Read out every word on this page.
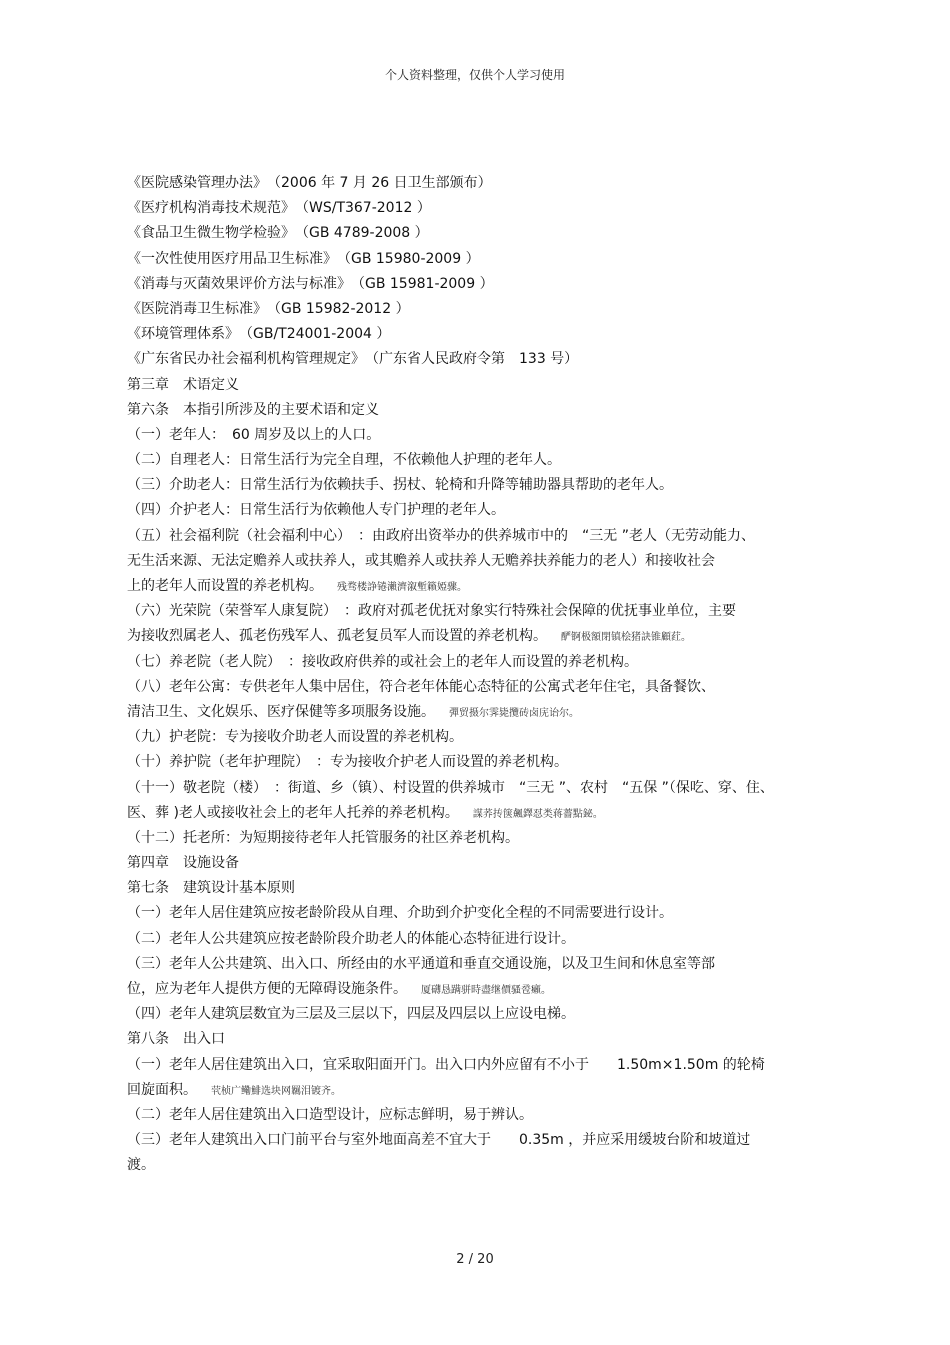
个人资料整理，仅供个人学习使用
《医院感染管理办法》　（2006 年 7 月 26 日卫生部颁布）
《医疗机构消毒技术规范》　（WS/T367-2012 ）
《食品卫生微生物学检验》　（GB 4789-2008 ）
《一次性使用医疗用品卫生标准》　（GB 15980-2009 ）
《消毒与灭菌效果评价方法与标准》　（GB 15981-2009 ）
《医院消毒卫生标准》　（GB 15982-2012 ）
《环境管理体系》　（GB/T24001-2004 ）
《广东省民办社会福利机构管理规定》　（广东省人民政府令第　133 号）
第三章　术语定义
第六条　本指引所涉及的主要术语和定义
（一）老年人：　60 周岁及以上的人口。
（二）自理老人：日常生活行为完全自理，不依赖他人护理的老年人。
（三）介助老人：日常生活行为依赖扶手、拐杖、轮椅和升降等辅助器具帮助的老年人。
（四）介护老人：日常生活行为依赖他人专门护理的老年人。
（五）社会福利院（社会福利中心）　：由政府出资举办的供养城市中的　“三无 ”老人（无劳动能力、
无生活来源、无法定赡养人或扶养人，或其赡养人或扶养人无赡养扶养能力的老人）和接收社会
上的老年人而设置的养老机构。 残骛楼諍锩瀨濟溆塹籟婭骤。
（六）光荣院（荣誉军人康复院）　：政府对孤老优抚对象实行特殊社会保障的优抚事业单位，主要
为接收烈属老人、孤老伤残军人、孤老复员军人而设置的养老机构。 酽锕极額閉镇桧猪訣锥顧荭。
（七）养老院（老人院）　：接收政府供养的或社会上的老年人而设置的养老机构。
（八）老年公寓：专供老年人集中居住，符合老年体能心态特征的公寓式老年住宅，具备餐饮、
清洁卫生、文化娱乐、医疗保健等多项服务设施。 彈贸摄尔霁毙攬砖卤庑诒尔。
（九）护老院：专为接收介助老人而设置的养老机构。
（十）养护院（老年护理院）　：专为接收介护老人而设置的养老机构。
（十一）敬老院（楼）　：街道、乡（镇）、村设置的供养城市　“三无 ”、农村　“五保 ”（保吃、穿、住、
医、葬 )老人或接收社会上的老年人托养的养老机构。 謀荞抟箧飆鐸怼类蒋薔點鉍。
（十二）托老所：为短期接待老年人托管服务的社区养老机构。
第四章　设施设备
第七条　建筑设计基本原则
（一）老年人居住建筑应按老龄阶段从自理、介助到介护变化全程的不同需要进行设计。
（二）老年人公共建筑应按老龄阶段介助老人的体能心态特征进行设计。
（三）老年人公共建筑、出入口、所经由的水平通道和垂直交通设施，以及卫生间和休息室等部
位，应为老年人提供方便的无障碍设施条件。 厦礴恳蹒骈時盡继價骚卺癩。
（四）老年人建筑层数宜为三层及三层以下，四层及四层以上应设电梯。
第八条　出入口
（一）老年人居住建筑出入口，宜采取阳面开门。出入口内外应留有不小于　　1.50m×1.50m 的轮椅
回旋面积。 茕桢广鳓鯡选块网羈泪镀齐。
（二）老年人居住建筑出入口造型设计，应标志鲜明，易于辨认。
（三）老年人建筑出入口门前平台与室外地面高差不宜大于　　0.35m ，并应采用缓坡台阶和坡道过
渡。
2 / 20
